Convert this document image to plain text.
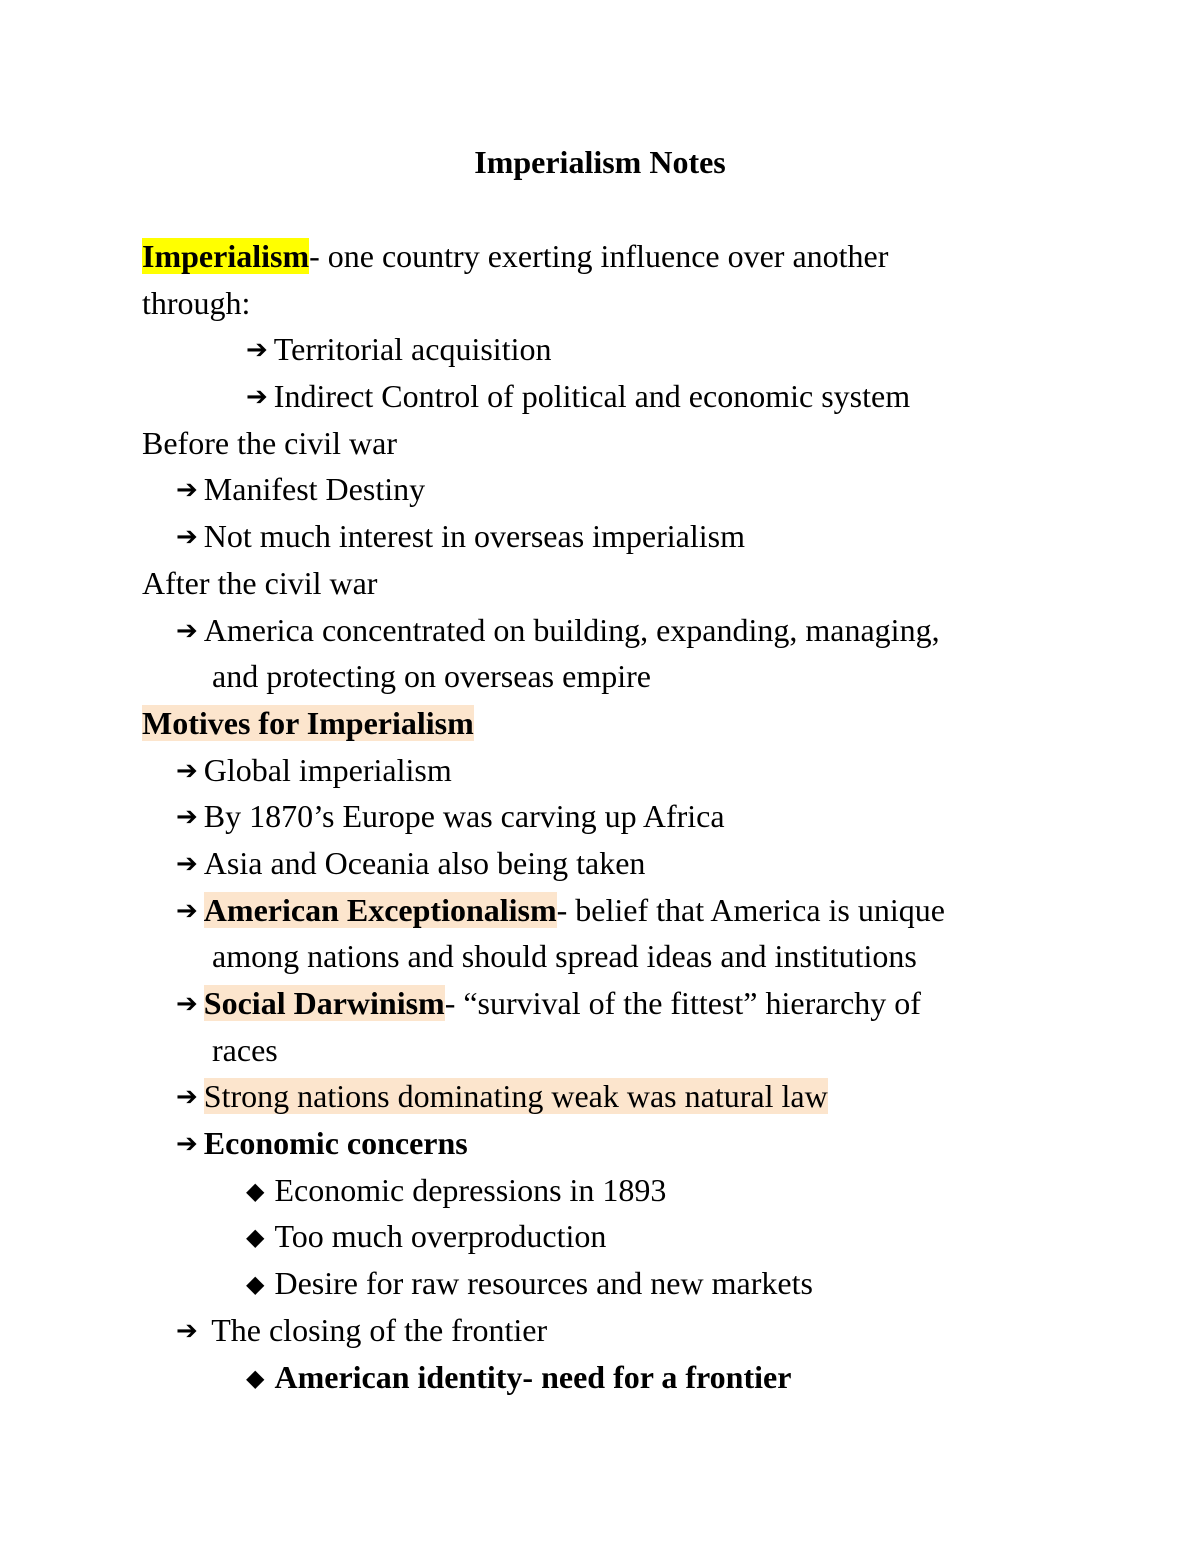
Imperialism Notes
Imperialism- one country exerting influence over another
through:
➔ Territorial acquisition
➔ Indirect Control of political and economic system
Before the civil war
➔ Manifest Destiny
➔ Not much interest in overseas imperialism
After the civil war
➔ America concentrated on building, expanding, managing,
and protecting on overseas empire
Motives for Imperialism
➔ Global imperialism
➔ By 1870’s Europe was carving up Africa
➔ Asia and Oceania also being taken
➔ American Exceptionalism- belief that America is unique
among nations and should spread ideas and institutions
➔ Social Darwinism- “survival of the fittest” hierarchy of
races
➔ Strong nations dominating weak was natural law
➔ Economic concerns
◆ Economic depressions in 1893
◆ Too much overproduction
◆ Desire for raw resources and new markets
➔ The closing of the frontier
◆ American identity- need for a frontier
